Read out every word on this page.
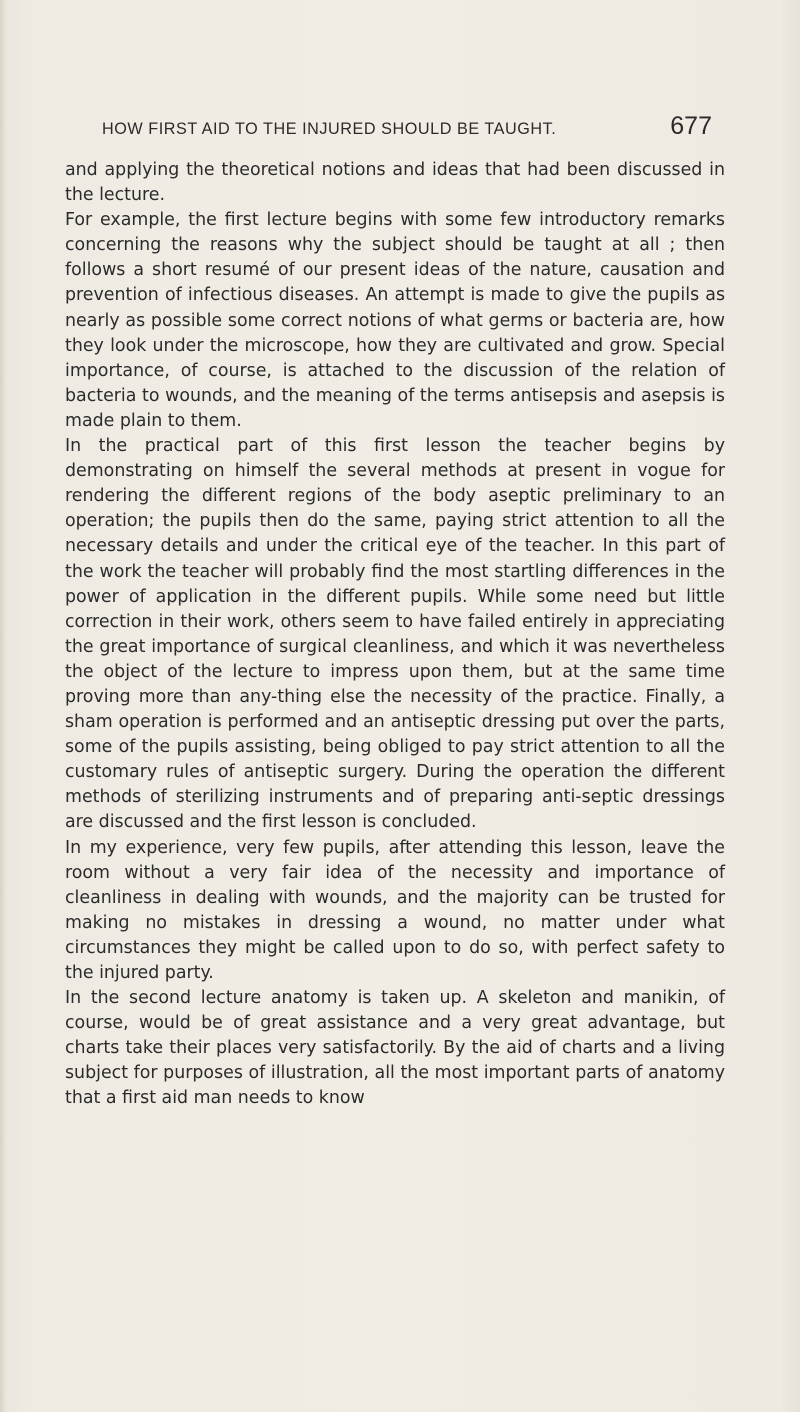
HOW FIRST AID TO THE INJURED SHOULD BE TAUGHT.	677

and applying the theoretical notions and ideas that had been discussed in the lecture.

For example, the first lecture begins with some few introductory remarks concerning the reasons why the subject should be taught at all ; then follows a short resumé of our present ideas of the nature, causation and prevention of infectious diseases. An attempt is made to give the pupils as nearly as possible some correct notions of what germs or bacteria are, how they look under the microscope, how they are cultivated and grow. Special importance, of course, is attached to the discussion of the relation of bacteria to wounds, and the meaning of the terms antisepsis and asepsis is made plain to them.

In the practical part of this first lesson the teacher begins by demonstrating on himself the several methods at present in vogue for rendering the different regions of the body aseptic preliminary to an operation; the pupils then do the same, paying strict attention to all the necessary details and under the critical eye of the teacher. In this part of the work the teacher will probably find the most startling differences in the power of application in the different pupils. While some need but little correction in their work, others seem to have failed entirely in appreciating the great importance of surgical cleanliness, and which it was nevertheless the object of the lecture to impress upon them, but at the same time proving more than any-thing else the necessity of the practice. Finally, a sham operation is performed and an antiseptic dressing put over the parts, some of the pupils assisting, being obliged to pay strict attention to all the customary rules of antiseptic surgery. During the operation the different methods of sterilizing instruments and of preparing anti-septic dressings are discussed and the first lesson is concluded.

In my experience, very few pupils, after attending this lesson, leave the room without a very fair idea of the necessity and importance of cleanliness in dealing with wounds, and the majority can be trusted for making no mistakes in dressing a wound, no matter under what circumstances they might be called upon to do so, with perfect safety to the injured party.

In the second lecture anatomy is taken up. A skeleton and manikin, of course, would be of great assistance and a very great advantage, but charts take their places very satisfactorily. By the aid of charts and a living subject for purposes of illustration, all the most important parts of anatomy that a first aid man needs to know
